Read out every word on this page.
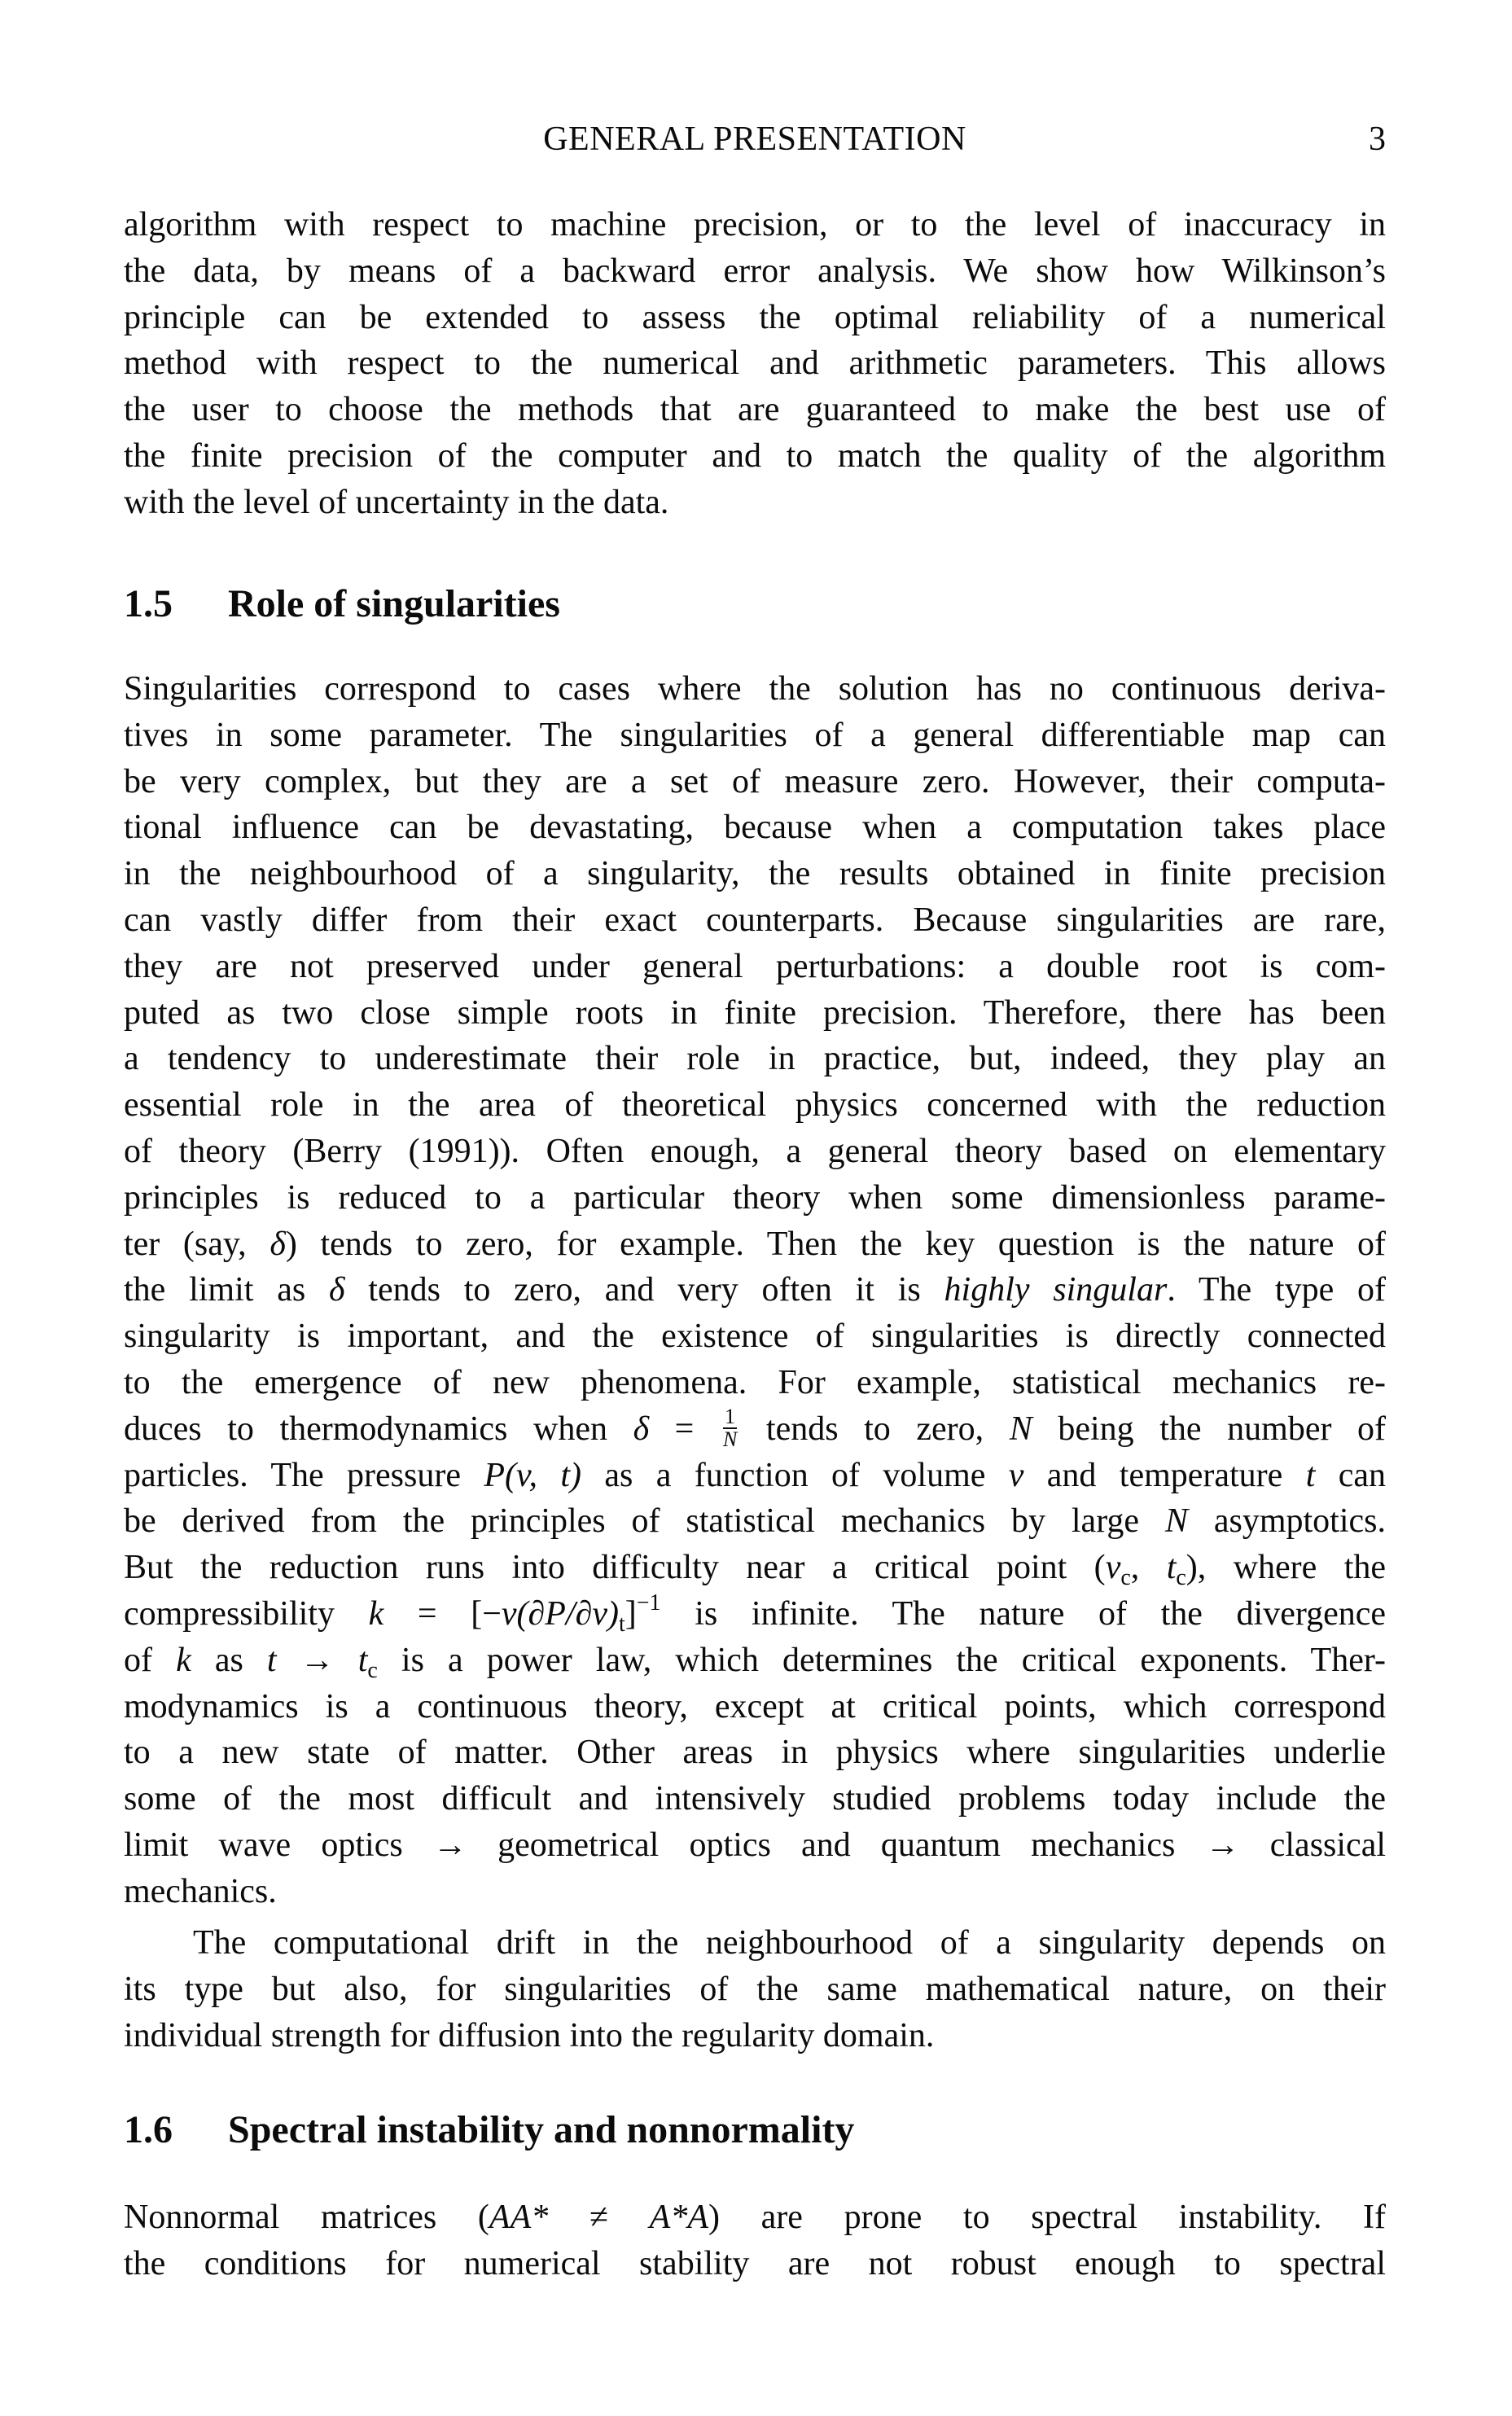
GENERAL PRESENTATION	3
algorithm with respect to machine precision, or to the level of inaccuracy in
the data, by means of a backward error analysis. We show how Wilkinson’s
principle can be extended to assess the optimal reliability of a numerical
method with respect to the numerical and arithmetic parameters. This allows
the user to choose the methods that are guaranteed to make the best use of
the finite precision of the computer and to match the quality of the algorithm
with the level of uncertainty in the data.
1.5 Role of singularities
Singularities correspond to cases where the solution has no continuous deriva-
tives in some parameter. The singularities of a general differentiable map can
be very complex, but they are a set of measure zero. However, their computa-
tional influence can be devastating, because when a computation takes place
in the neighbourhood of a singularity, the results obtained in finite precision
can vastly differ from their exact counterparts. Because singularities are rare,
they are not preserved under general perturbations: a double root is com-
puted as two close simple roots in finite precision. Therefore, there has been
a tendency to underestimate their role in practice, but, indeed, they play an
essential role in the area of theoretical physics concerned with the reduction
of theory (Berry (1991)). Often enough, a general theory based on elementary
principles is reduced to a particular theory when some dimensionless parame-
ter (say, δ) tends to zero, for example. Then the key question is the nature of
the limit as δ tends to zero, and very often it is highly singular. The type of
singularity is important, and the existence of singularities is directly connected
to the emergence of new phenomena. For example, statistical mechanics re-
duces to thermodynamics when $\delta = \frac{1}{N}$ tends to zero, N being the number of
particles. The pressure P(v, t) as a function of volume v and temperature t can
be derived from the principles of statistical mechanics by large N asymptotics.
But the reduction runs into difficulty near a critical point ($v_c$, $t_c$), where the
compressibility $k = [-v(\partial P/\partial v)_t]^{-1}$ is infinite. The nature of the divergence
of k as $t \to t_c$ is a power law, which determines the critical exponents. Ther-
modynamics is a continuous theory, except at critical points, which correspond
to a new state of matter. Other areas in physics where singularities underlie
some of the most difficult and intensively studied problems today include the
limit wave optics → geometrical optics and quantum mechanics → classical
mechanics.
The computational drift in the neighbourhood of a singularity depends on
its type but also, for singularities of the same mathematical nature, on their
individual strength for diffusion into the regularity domain.
1.6 Spectral instability and nonnormality
Nonnormal matrices (AA* ≠ A*A) are prone to spectral instability. If
the conditions for numerical stability are not robust enough to spectral
